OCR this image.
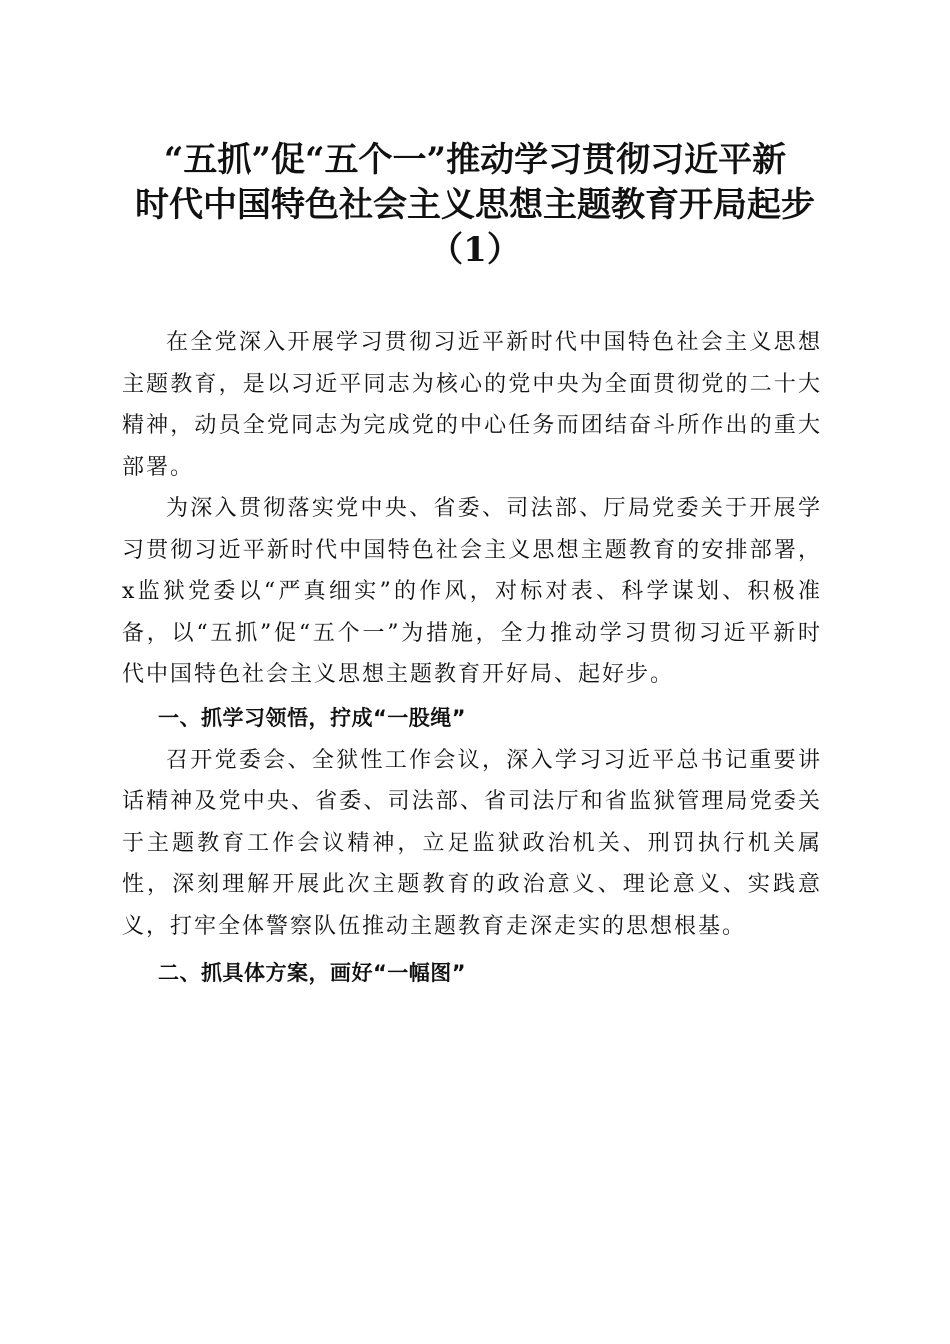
“五抓”促“五个一”推动学习贯彻习近平新
时代中国特色社会主义思想主题教育开局起步
（1）

在全党深入开展学习贯彻习近平新时代中国特色社会主义思想主题教育，是以习近平同志为核心的党中央为全面贯彻党的二十大精神，动员全党同志为完成党的中心任务而团结奋斗所作出的重大部署。

为深入贯彻落实党中央、省委、司法部、厅局党委关于开展学习贯彻习近平新时代中国特色社会主义思想主题教育的安排部署，x监狱党委以“严真细实”的作风，对标对表、科学谋划、积极准备，以“五抓”促“五个一”为措施，全力推动学习贯彻习近平新时代中国特色社会主义思想主题教育开好局、起好步。

一、抓学习领悟，拧成“一股绳”

召开党委会、全狱性工作会议，深入学习习近平总书记重要讲话精神及党中央、省委、司法部、省司法厅和省监狱管理局党委关于主题教育工作会议精神，立足监狱政治机关、刑罚执行机关属性，深刻理解开展此次主题教育的政治意义、理论意义、实践意义，打牢全体警察队伍推动主题教育走深走实的思想根基。

二、抓具体方案，画好“一幅图”
